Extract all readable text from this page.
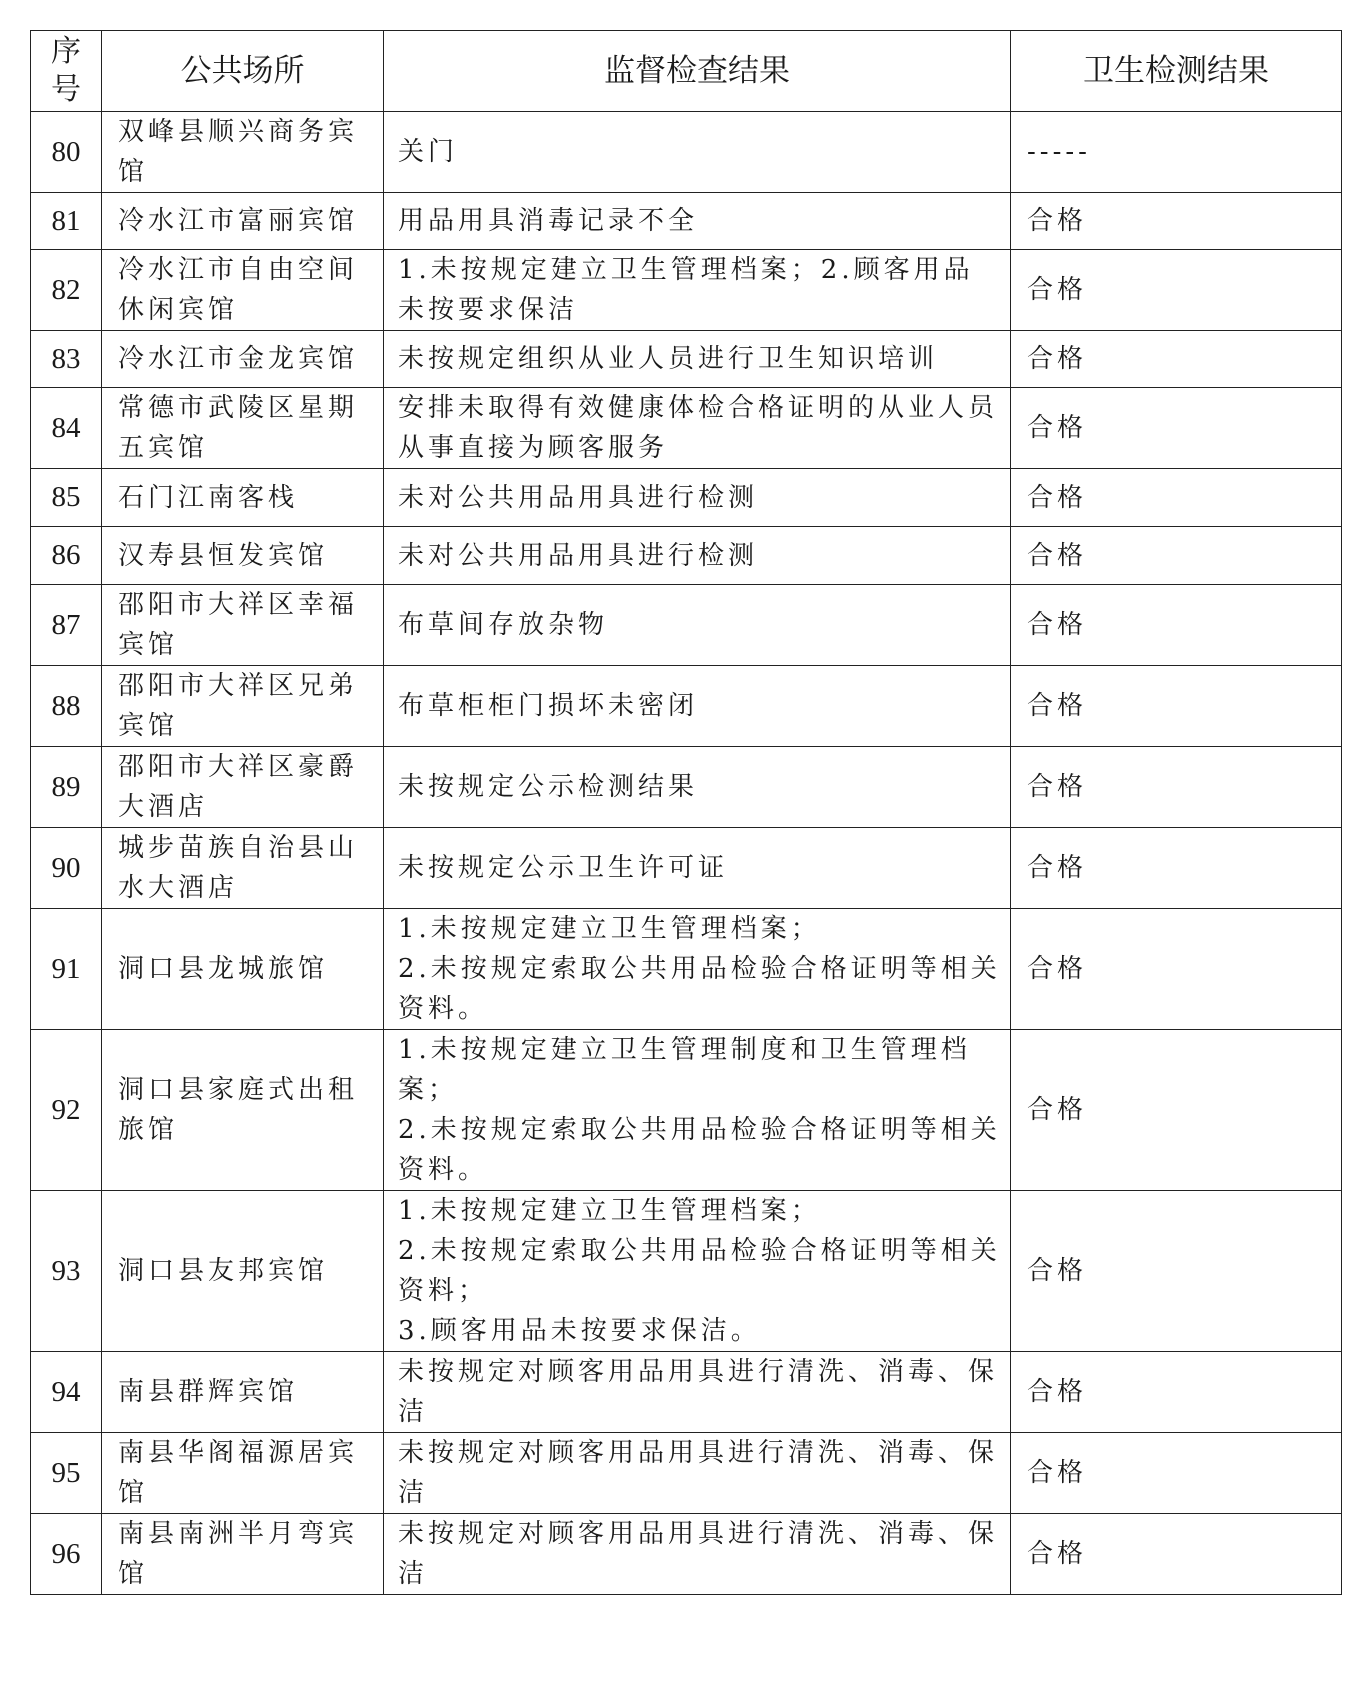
序号	公共场所	监督检查结果	卫生检测结果
80	双峰县顺兴商务宾馆	关门	-----
81	冷水江市富丽宾馆	用品用具消毒记录不全	合格
82	冷水江市自由空间休闲宾馆	1.未按规定建立卫生管理档案；2.顾客用品未按要求保洁	合格
83	冷水江市金龙宾馆	未按规定组织从业人员进行卫生知识培训	合格
84	常德市武陵区星期五宾馆	安排未取得有效健康体检合格证明的从业人员从事直接为顾客服务	合格
85	石门江南客栈	未对公共用品用具进行检测	合格
86	汉寿县恒发宾馆	未对公共用品用具进行检测	合格
87	邵阳市大祥区幸福宾馆	布草间存放杂物	合格
88	邵阳市大祥区兄弟宾馆	布草柜柜门损坏未密闭	合格
89	邵阳市大祥区豪爵大酒店	未按规定公示检测结果	合格
90	城步苗族自治县山水大酒店	未按规定公示卫生许可证	合格
91	洞口县龙城旅馆	1.未按规定建立卫生管理档案；
2.未按规定索取公共用品检验合格证明等相关资料。	合格
92	洞口县家庭式出租旅馆	1.未按规定建立卫生管理制度和卫生管理档案；
2.未按规定索取公共用品检验合格证明等相关资料。	合格
93	洞口县友邦宾馆	1.未按规定建立卫生管理档案；
2.未按规定索取公共用品检验合格证明等相关资料；
3.顾客用品未按要求保洁。	合格
94	南县群辉宾馆	未按规定对顾客用品用具进行清洗、消毒、保洁	合格
95	南县华阁福源居宾馆	未按规定对顾客用品用具进行清洗、消毒、保洁	合格
96	南县南洲半月弯宾馆	未按规定对顾客用品用具进行清洗、消毒、保洁	合格
